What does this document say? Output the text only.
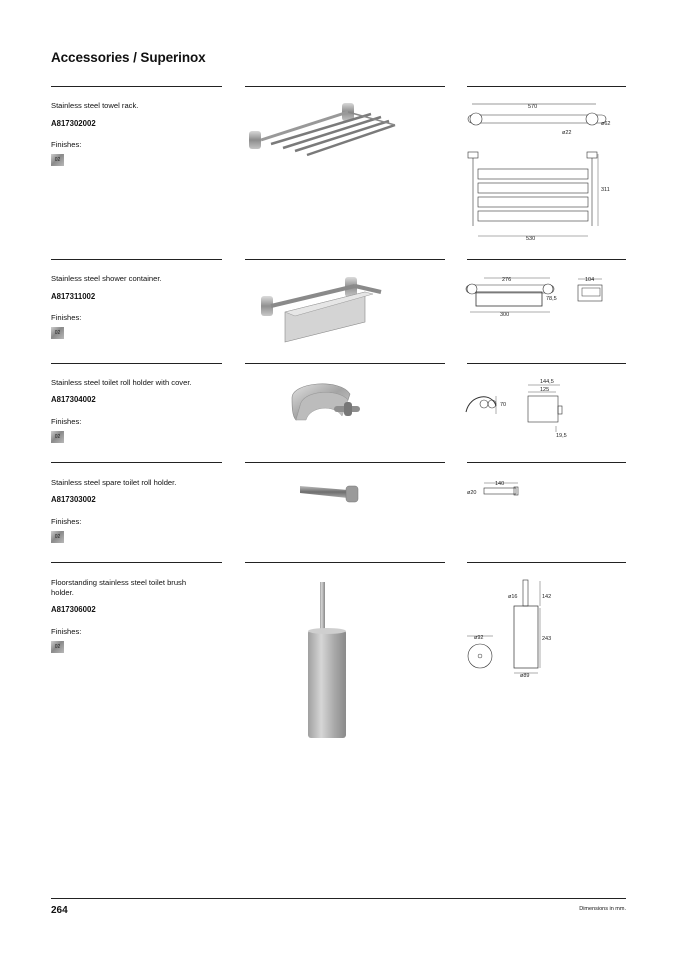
Accessories / Superinox
Stainless steel towel rack.
A817302002
Finishes:
02
570
ø62
ø22
311
530
Stainless steel shower container.
A817311002
Finishes:
02
276
78,5
300
104
Stainless steel toilet roll holder with cover.
A817304002
Finishes:
02
70
144,5
125
19,5
Stainless steel spare toilet roll holder.
A817303002
Finishes:
02
140
ø20
Floorstanding stainless steel toilet brush holder.
A817306002
Finishes:
02
ø16	142
243
ø89
ø92
264	Dimensions in mm.
